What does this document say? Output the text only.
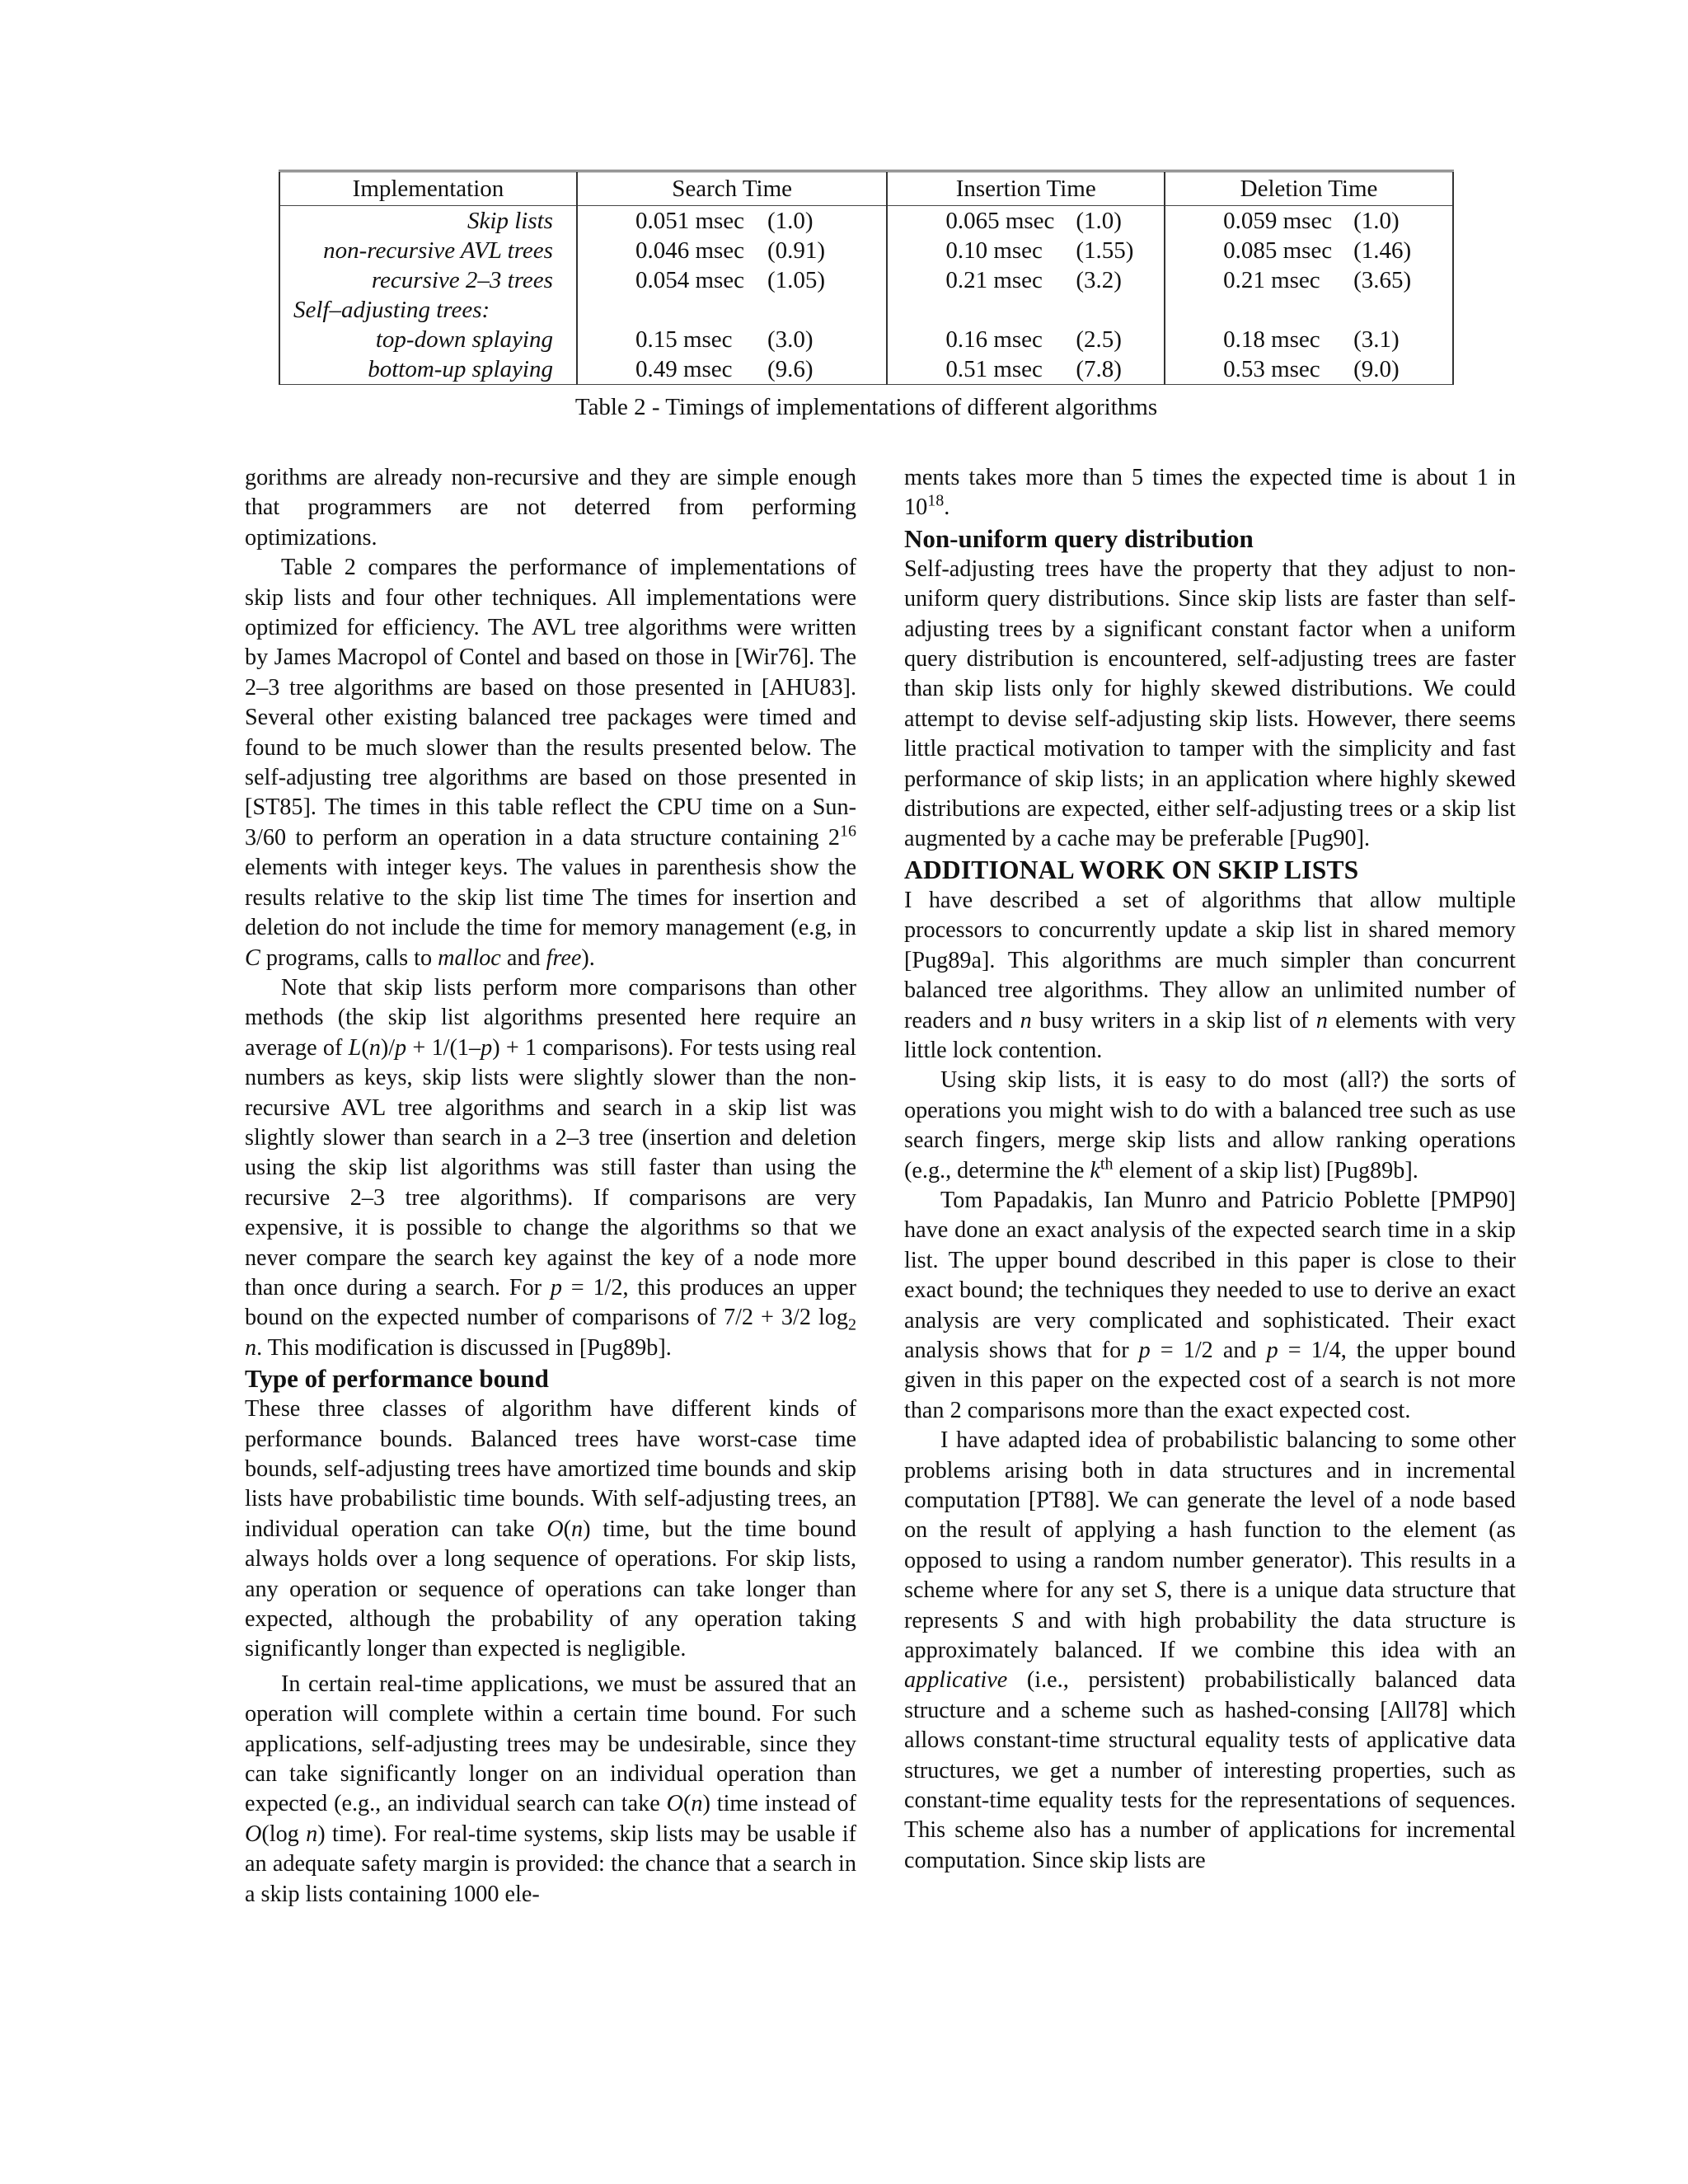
Implementation	Search Time	Insertion Time	Deletion Time
Skip lists	0.051 msec (1.0)	0.065 msec (1.0)	0.059 msec (1.0)

non-recursive AVL trees	0.046 msec (0.91)	0.10 msec (1.55)	0.085 msec (1.46)

recursive 2–3 trees	0.054 msec (1.05)	0.21 msec (3.2)	0.21 msec (3.65)

Self–adjusting trees:			
top-down splaying	0.15 msec (3.0)	0.16 msec (2.5)	0.18 msec (3.1)

bottom-up splaying	0.49 msec (9.6)	0.51 msec (7.8)	0.53 msec (9.0)
Table 2 - Timings of implementations of different algorithms

gorithms are already non-recursive and they are simple enough that programmers are not deterred from performing optimizations.

Table 2 compares the performance of implementations of skip lists and four other techniques. All implementations were optimized for efficiency. The AVL tree algorithms were written by James Macropol of Contel and based on those in [Wir76]. The 2–3 tree algorithms are based on those presented in [AHU83]. Several other existing balanced tree packages were timed and found to be much slower than the results presented below. The self-adjusting tree algorithms are based on those presented in [ST85]. The times in this table reflect the CPU time on a Sun-3/60 to perform an operation in a data structure containing $2^{16}$ elements with integer keys. The values in parenthesis show the results relative to the skip list time The times for insertion and deletion do not include the time for memory management (e.g, in C programs, calls to malloc and free).

Note that skip lists perform more comparisons than other methods (the skip list algorithms presented here require an average of L(n)/p + 1/(1–p) + 1 comparisons). For tests using real numbers as keys, skip lists were slightly slower than the non-recursive AVL tree algorithms and search in a skip list was slightly slower than search in a 2–3 tree (insertion and deletion using the skip list algorithms was still faster than using the recursive 2–3 tree algorithms). If comparisons are very expensive, it is possible to change the algorithms so that we never compare the search key against the key of a node more than once during a search. For p = 1/2, this produces an upper bound on the expected number of comparisons of 7/2 + 3/2 $\log_2 n$. This modification is discussed in [Pug89b].

Type of performance bound

These three classes of algorithm have different kinds of performance bounds. Balanced trees have worst-case time bounds, self-adjusting trees have amortized time bounds and skip lists have probabilistic time bounds. With self-adjusting trees, an individual operation can take O(n) time, but the time bound always holds over a long sequence of operations. For skip lists, any operation or sequence of operations can take longer than expected, although the probability of any operation taking significantly longer than expected is negligible.

In certain real-time applications, we must be assured that an operation will complete within a certain time bound. For such applications, self-adjusting trees may be undesirable, since they can take significantly longer on an individual operation than expected (e.g., an individual search can take O(n) time instead of O(log n) time). For real-time systems, skip lists may be usable if an adequate safety margin is provided: the chance that a search in a skip lists containing 1000 ele-

ments takes more than 5 times the expected time is about 1 in $10^{18}$.

Non-uniform query distribution

Self-adjusting trees have the property that they adjust to non-uniform query distributions. Since skip lists are faster than self-adjusting trees by a significant constant factor when a uniform query distribution is encountered, self-adjusting trees are faster than skip lists only for highly skewed distributions. We could attempt to devise self-adjusting skip lists. However, there seems little practical motivation to tamper with the simplicity and fast performance of skip lists; in an application where highly skewed distributions are expected, either self-adjusting trees or a skip list augmented by a cache may be preferable [Pug90].

ADDITIONAL WORK ON SKIP LISTS

I have described a set of algorithms that allow multiple processors to concurrently update a skip list in shared memory [Pug89a]. This algorithms are much simpler than concurrent balanced tree algorithms. They allow an unlimited number of readers and n busy writers in a skip list of n elements with very little lock contention.

Using skip lists, it is easy to do most (all?) the sorts of operations you might wish to do with a balanced tree such as use search fingers, merge skip lists and allow ranking operations (e.g., determine the $k^{th}$ element of a skip list) [Pug89b].

Tom Papadakis, Ian Munro and Patricio Poblette [PMP90] have done an exact analysis of the expected search time in a skip list. The upper bound described in this paper is close to their exact bound; the techniques they needed to use to derive an exact analysis are very complicated and sophisticated. Their exact analysis shows that for p = 1/2 and p = 1/4, the upper bound given in this paper on the expected cost of a search is not more than 2 comparisons more than the exact expected cost.

I have adapted idea of probabilistic balancing to some other problems arising both in data structures and in incremental computation [PT88]. We can generate the level of a node based on the result of applying a hash function to the element (as opposed to using a random number generator). This results in a scheme where for any set S, there is a unique data structure that represents S and with high probability the data structure is approximately balanced. If we combine this idea with an applicative (i.e., persistent) probabilistically balanced data structure and a scheme such as hashed-consing [All78] which allows constant-time structural equality tests of applicative data structures, we get a number of interesting properties, such as constant-time equality tests for the representations of sequences. This scheme also has a number of applications for incremental computation. Since skip lists are
